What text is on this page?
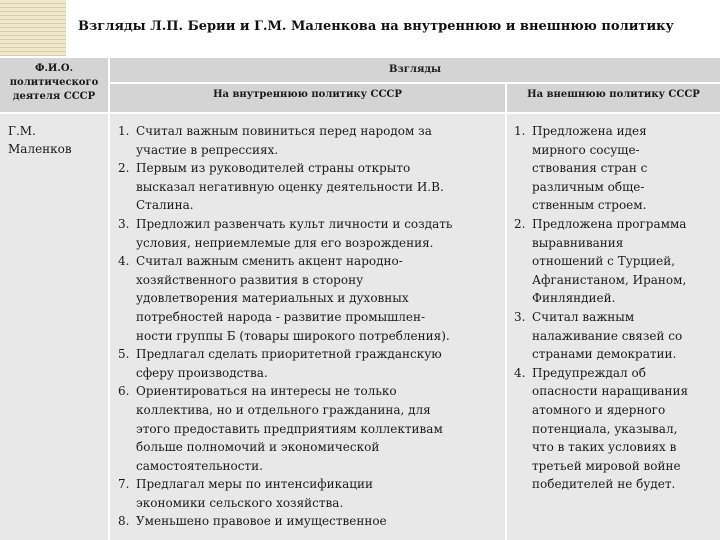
Взгляды Л.П. Берии и Г.М. Маленкова на внутреннюю и внешнюю политику
Ф.И.О.
политического
деятеля СССР
Взгляды
На внутреннюю политику СССР	На внешнюю политику СССР
Г.М.
Маленков
1. Считал важным повиниться перед народом за
участие в репрессиях.
2. Первым из руководителей страны открыто
высказал негативную оценку деятельности И.В.
Сталина.
3. Предложил развенчать культ личности и создать
условия, неприемлемые для его возрождения.
4. Считал важным сменить акцент народно-
хозяйственного развития в сторону
удовлетворения материальных и духовных
потребностей народа - развитие промышлен-
ности группы Б (товары широкого потребления).
5. Предлагал сделать приоритетной гражданскую
сферу производства.
6. Ориентироваться на интересы не только
коллектива, но и отдельного гражданина, для
этого предоставить предприятиям коллективам
больше полномочий и экономической
самостоятельности.
7. Предлагал меры по интенсификации
экономики сельского хозяйства.
8. Уменьшено правовое и имущественное
1. Предложена идея
мирного сосуще-
ствования стран с
различным обще-
ственным строем.
2. Предложена программа
выравнивания
отношений с Турцией,
Афганистаном, Ираном,
Финляндией.
3. Считал важным
налаживание связей со
странами демократии.
4. Предупреждал об
опасности наращивания
атомного и ядерного
потенциала, указывал,
что в таких условиях в
третьей мировой войне
победителей не будет.
